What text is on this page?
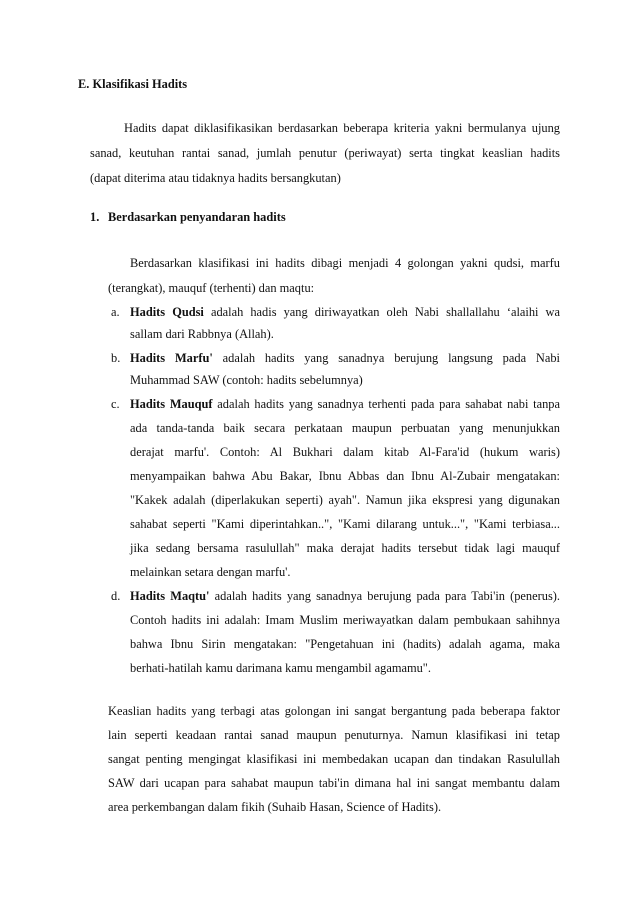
E. Klasifikasi Hadits
Hadits dapat diklasifikasikan berdasarkan beberapa kriteria yakni bermulanya ujung
sanad, keutuhan rantai sanad, jumlah penutur (periwayat) serta tingkat keaslian hadits
(dapat diterima atau tidaknya hadits bersangkutan)
1. Berdasarkan penyandaran hadits
Berdasarkan klasifikasi ini hadits dibagi menjadi 4 golongan yakni qudsi, marfu
(terangkat), mauquf (terhenti) dan maqtu:
a. Hadits Qudsi adalah hadis yang diriwayatkan oleh Nabi shallallahu ‘alaihi wa
sallam dari Rabbnya (Allah).
b. Hadits Marfu' adalah hadits yang sanadnya berujung langsung pada Nabi
Muhammad SAW (contoh: hadits sebelumnya)
c. Hadits Mauquf adalah hadits yang sanadnya terhenti pada para sahabat nabi tanpa
ada tanda-tanda baik secara perkataan maupun perbuatan yang menunjukkan
derajat marfu'. Contoh: Al Bukhari dalam kitab Al-Fara'id (hukum waris)
menyampaikan bahwa Abu Bakar, Ibnu Abbas dan Ibnu Al-Zubair mengatakan:
"Kakek adalah (diperlakukan seperti) ayah". Namun jika ekspresi yang digunakan
sahabat seperti "Kami diperintahkan..", "Kami dilarang untuk...", "Kami terbiasa...
jika sedang bersama rasulullah" maka derajat hadits tersebut tidak lagi mauquf
melainkan setara dengan marfu'.
d. Hadits Maqtu' adalah hadits yang sanadnya berujung pada para Tabi'in (penerus).
Contoh hadits ini adalah: Imam Muslim meriwayatkan dalam pembukaan sahihnya
bahwa Ibnu Sirin mengatakan: "Pengetahuan ini (hadits) adalah agama, maka
berhati-hatilah kamu darimana kamu mengambil agamamu".
Keaslian hadits yang terbagi atas golongan ini sangat bergantung pada beberapa faktor
lain seperti keadaan rantai sanad maupun penuturnya. Namun klasifikasi ini tetap
sangat penting mengingat klasifikasi ini membedakan ucapan dan tindakan Rasulullah
SAW dari ucapan para sahabat maupun tabi'in dimana hal ini sangat membantu dalam
area perkembangan dalam fikih (Suhaib Hasan, Science of Hadits).
